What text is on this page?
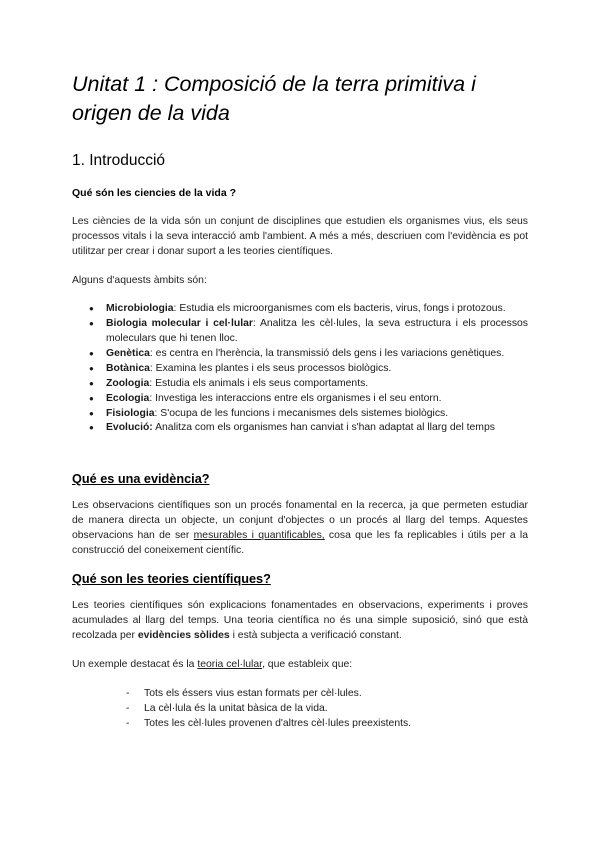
Unitat 1 : Composició de la terra primitiva i origen de la vida
1. Introducció
Qué són les ciencies de la vida ?

Les ciències de la vida són un conjunt de disciplines que estudien els organismes vius, els seus processos vitals i la seva interacció amb l'ambient. A més a més, descriuen com l'evidència es pot utilitzar per crear i donar suport a les teories científiques.

Alguns d'aquests àmbits són:

● Microbiologia: Estudia els microorganismes com els bacteris, virus, fongs i protozous.
● Biologia molecular i cel·lular: Analitza les cèl·lules, la seva estructura i els processos moleculars que hi tenen lloc.
● Genètica: es centra en l'herència, la transmissió dels gens i les variacions genètiques.
● Botànica: Examina les plantes i els seus processos biològics.
● Zoologia: Estudia els animals i els seus comportaments.
● Ecologia: Investiga les interaccions entre els organismes i el seu entorn.
● Fisiologia: S'ocupa de les funcions i mecanismes dels sistemes biològics.
● Evolució: Analitza com els organismes han canviat i s'han adaptat al llarg del temps
Qué es una evidència?

Les observacions científiques son un procés fonamental en la recerca, ja que permeten estudiar de manera directa un objecte, un conjunt d'objectes o un procés al llarg del temps. Aquestes observacions han de ser mesurables i quantificables, cosa que les fa replicables i útils per a la construcció del coneixement científic.

Qué son les teories científiques?

Les teories científiques són explicacions fonamentades en observacions, experiments i proves acumulades al llarg del temps. Una teoria científica no és una simple suposició, sinó que està recolzada per evidències sòlides i està subjecta a verificació constant.

Un exemple destacat és la teoria cel·lular, que estableix que:

- Tots els éssers vius estan formats per cèl·lules.
- La cèl·lula és la unitat bàsica de la vida.
- Totes les cèl·lules provenen d'altres cèl·lules preexistents.
